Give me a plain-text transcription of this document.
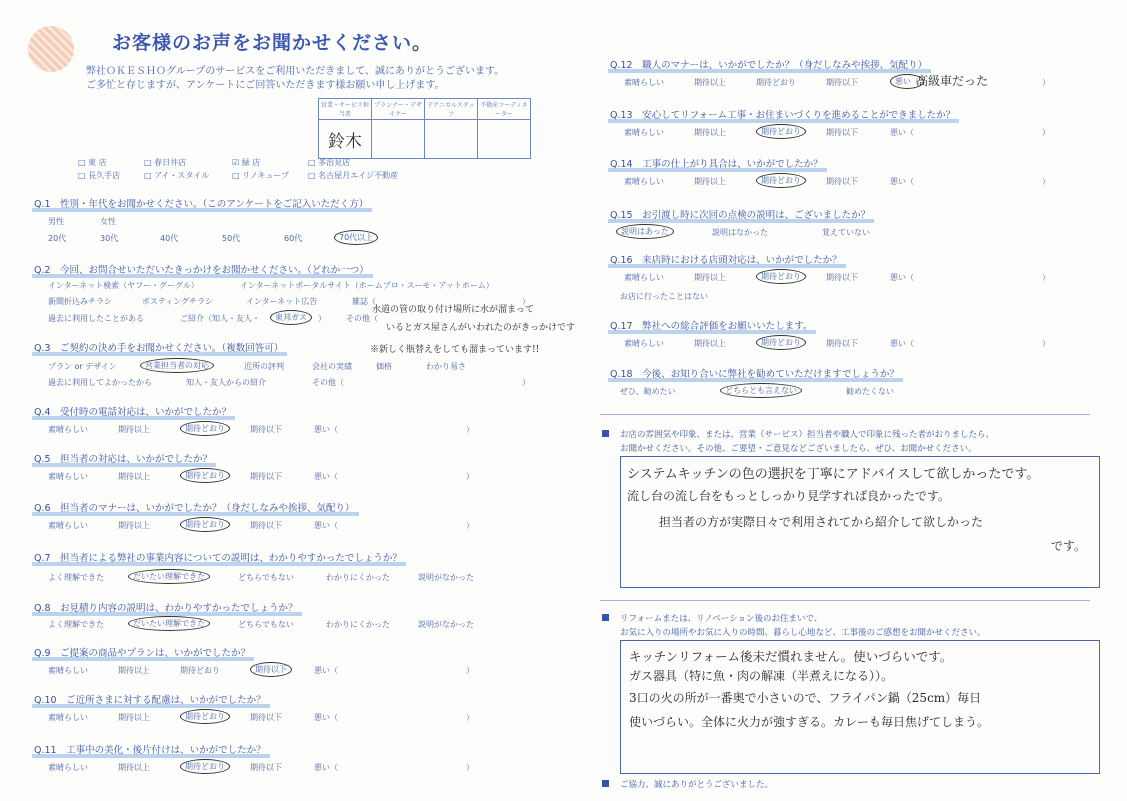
お客様のお声をお聞かせください。
弊社ＯＫＥＳＨＯグループのサービスをご利用いただきまして、誠にありがとうございます。
ご多忙と存じますが、アンケートにご回答いただきます様お願い申し上げます。
営業・サービス担当者	プランナー・デザイナー	テクニカルスタッフ	不動産コーディネーター
鈴木			
□ 東 店	□ 春日井店	☑ 緑 店	□ 多治見店
□ 長久手店	□ アイ・スタイル	□ リノキューブ □ 名古屋月エイジ不動産
Q.1　性別・年代をお聞かせください。（このアンケートをご記入いただく方）
男性	女性
20代	30代	40代	50代	60代	70代以上
Q.2　今回、お問合せいただいたきっかけをお聞かせください。（どれか一つ）
インターネット検索（ヤフー・グーグル）	インターネットポータルサイト（ホームプロ・スーモ・アットホーム）
新聞折込みチラシ	ポスティングチラシ	インターネット広告	雑誌（	）
過去に利用したことがある	ご紹介（知人・友人・	東邦ガス	）	その他（
水道の管の取り付け場所に水が溜まって
いるとガス屋さんがいわれたのがきっかけです
※新しく瓶替えをしても溜まっています!!
Q.3　ご契約の決め手をお聞かせください。（複数回答可）
プラン or デザイン	営業担当者の対応	近所の評判	会社の実績	価格	わかり易さ
過去に利用してよかったから	知人・友人からの紹介	その他（	）
Q.4　受付時の電話対応は、いかがでしたか？
素晴らしい	期待以上	期待どおり	期待以下	悪い（	）
Q.5　担当者の対応は、いかがでしたか？
素晴らしい	期待以上	期待どおり	期待以下	悪い（	）
Q.6　担当者のマナーは、いかがでしたか？（身だしなみや挨拶、気配り）
素晴らしい	期待以上	期待どおり	期待以下	悪い（	）
Q.9　ご提案の商品やプランは、いかがでしたか？
素晴らしい	期待以上	期待どおり	期待以下	悪い（	）
Q.10　ご近所さまに対する配慮は、いかがでしたか？
素晴らしい	期待以上	期待どおり	期待以下	悪い（	）
Q.11　工事中の美化・後片付けは、いかがでしたか？
素晴らしい	期待以上	期待どおり	期待以下	悪い（	）
Q.7　担当者による弊社の事業内容についての説明は、わかりやすかったでしょうか？
よく理解できた	だいたい理解できた	どちらでもない	わかりにくかった	説明がなかった
Q.8　お見積り内容の説明は、わかりやすかったでしょうか？
よく理解できた	だいたい理解できた	どちらでもない	わかりにくかった	説明がなかった
Q.12　職人のマナーは、いかがでしたか？（身だしなみや挨拶、気配り）
素晴らしい	期待以上	期待どおり	期待以下	悪い（	）
Q.13　安心してリフォーム工事・お住まいづくりを進めることができましたか？
素晴らしい	期待以上	期待どおり	期待以下	悪い（	）
Q.14　工事の仕上がり具合は、いかがでしたか？
素晴らしい	期待以上	期待どおり	期待以下	悪い（	）
Q.16　来店時における店頭対応は、いかがでしたか？
素晴らしい	期待以上	期待どおり	期待以下	悪い（	）
Q.17　弊社への総合評価をお願いいたします。
素晴らしい	期待以上	期待どおり	期待以下	悪い（	）
高級車だった
Q.15　お引渡し時に次回の点検の説明は、ございましたか？
説明はあった	説明はなかった	覚えていない
お店に行ったことはない
Q.18　今後、お知り合いに弊社を勧めていただけますでしょうか？
ぜひ、勧めたい	どちらとも言えない	勧めたくない
お店の雰囲気や印象、または、営業（サービス）担当者や職人で印象に残った者がおりましたら、
お聞かせください。その他、ご要望・ご意見などございましたら、ぜひ、お聞かせください。
システムキッチンの色の選択を丁寧にアドバイスして欲しかったです。
流し台の流し台をもっとしっかり見学すれば良かったです。
担当者の方が実際日々で利用されてから紹介して欲しかった
です。
リフォームまたは、リノベーション後のお住まいで、
お気に入りの場所やお気に入りの時間、暮らし心地など、工事後のご感想をお聞かせください。
キッチンリフォーム後未だ慣れません。使いづらいです。
ガス器具（特に魚・肉の解凍（半煮えになる））。
3口の火の所が一番奥で小さいので、フライパン鍋（25cm）毎日
使いづらい。全体に火力が強すぎる。カレーも毎日焦げてしまう。
ご協力、誠にありがとうございました。
